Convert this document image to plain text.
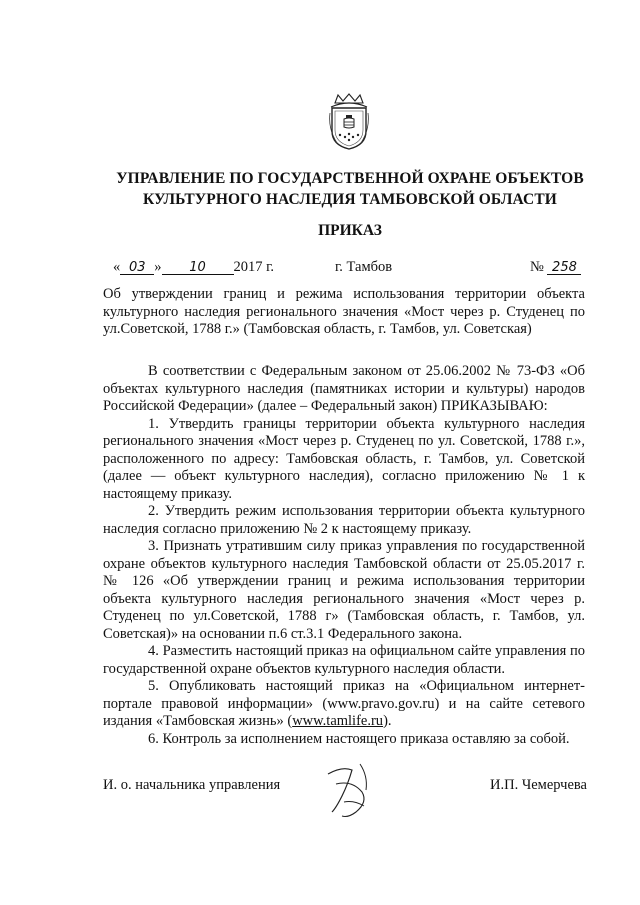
УПРАВЛЕНИЕ ПО ГОСУДАРСТВЕННОЙ ОХРАНЕ ОБЪЕКТОВ
КУЛЬТУРНОГО НАСЛЕДИЯ ТАМБОВСКОЙ ОБЛАСТИ
ПРИКАЗ
« 03 » 10 2017 г.	г. Тамбов	№ 258
Об утверждении границ и режима использования территории объекта культурного наследия регионального значения «Мост через р. Студенец по ул.Советской, 1788 г.» (Тамбовская область, г. Тамбов, ул. Советская)

В соответствии с Федеральным законом от 25.06.2002 № 73-ФЗ «Об объектах культурного наследия (памятниках истории и культуры) народов Российской Федерации» (далее – Федеральный закон) ПРИКАЗЫВАЮ:

1. Утвердить границы территории объекта культурного наследия регионального значения «Мост через р. Студенец по ул. Советской, 1788 г.», расположенного по адресу: Тамбовская область, г. Тамбов, ул. Советской (далее — объект культурного наследия), согласно приложению № 1 к настоящему приказу.

2. Утвердить режим использования территории объекта культурного наследия согласно приложению № 2 к настоящему приказу.

3. Признать утратившим силу приказ управления по государственной охране объектов культурного наследия Тамбовской области от 25.05.2017 г. № 126 «Об утверждении границ и режима использования территории объекта культурного наследия регионального значения «Мост через р. Студенец по ул.Советской, 1788 г» (Тамбовская область, г. Тамбов, ул. Советская)» на основании п.6 ст.3.1 Федерального закона.

4. Разместить настоящий приказ на официальном сайте управления по государственной охране объектов культурного наследия области.

5. Опубликовать настоящий приказ на «Официальном интернет-портале правовой информации» (www.pravo.gov.ru) и на сайте сетевого издания «Тамбовская жизнь» (www.tamlife.ru).

6. Контроль за исполнением настоящего приказа оставляю за собой.

И. о. начальника управления	И.П. Чемерчева
